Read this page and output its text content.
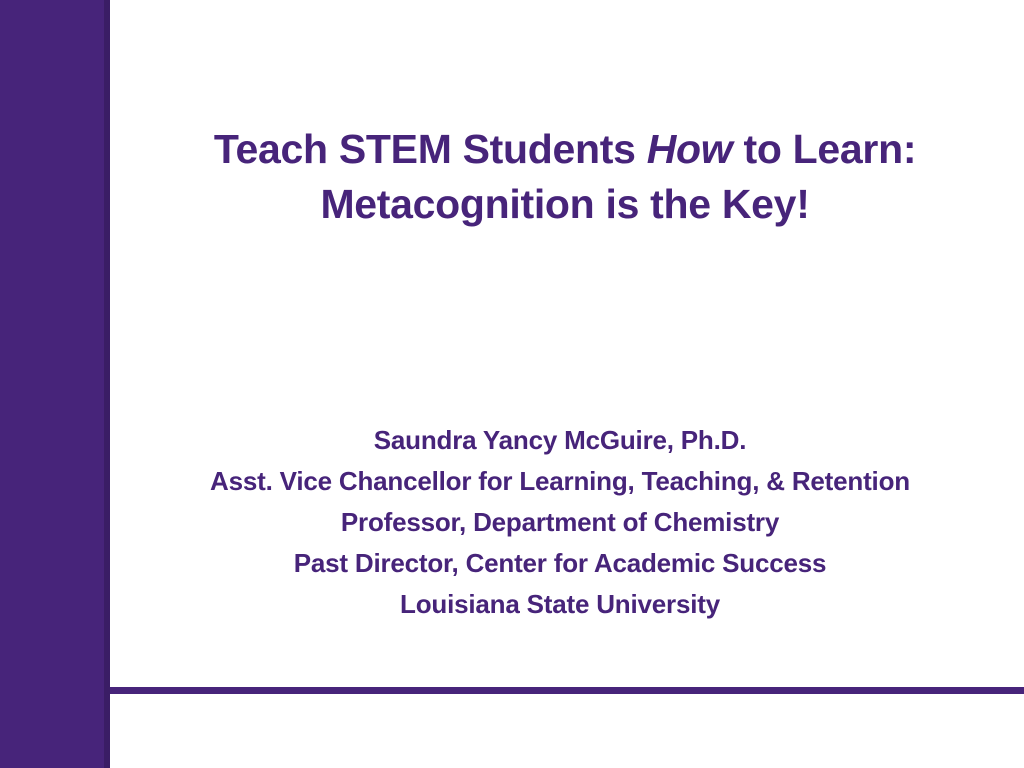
Teach STEM Students How to Learn:
Metacognition is the Key!
Saundra Yancy McGuire, Ph.D.
Asst. Vice Chancellor for Learning, Teaching, & Retention
Professor, Department of Chemistry
Past Director, Center for Academic Success
Louisiana State University
